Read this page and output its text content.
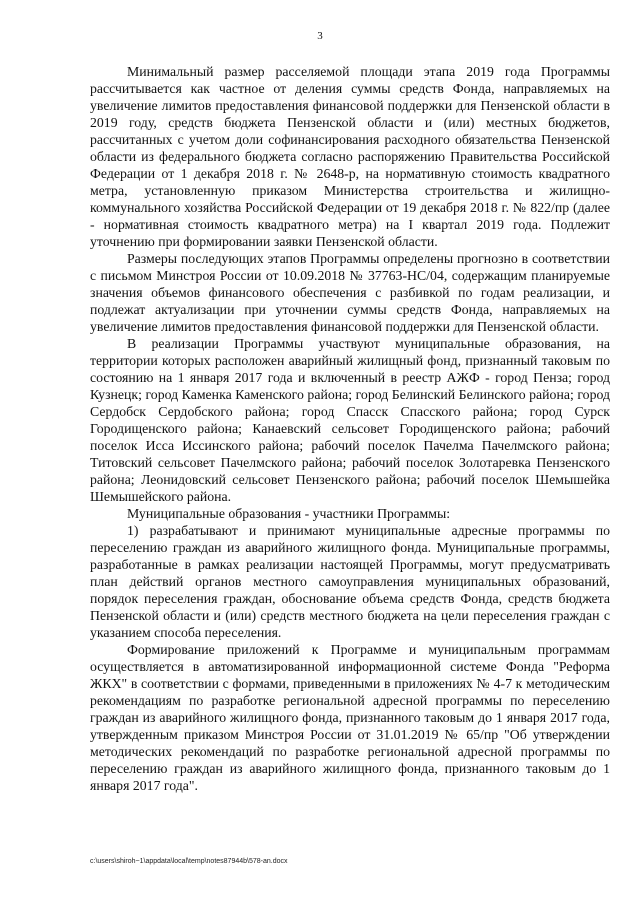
3

Минимальный размер расселяемой площади этапа 2019 года Программы рассчитывается как частное от деления суммы средств Фонда, направляемых на увеличение лимитов предоставления финансовой поддержки для Пензенской области в 2019 году, средств бюджета Пензенской области и (или) местных бюджетов, рассчитанных с учетом доли софинансирования расходного обязательства Пензенской области из федерального бюджета согласно распоряжению Правительства Российской Федерации от 1 декабря 2018 г. № 2648-р, на нормативную стоимость квадратного метра, установленную приказом Министерства строительства и жилищно-коммунального хозяйства Российской Федерации от 19 декабря 2018 г. № 822/пр (далее - нормативная стоимость квадратного метра) на I квартал 2019 года. Подлежит уточнению при формировании заявки Пензенской области.

Размеры последующих этапов Программы определены прогнозно в соответствии с письмом Минстроя России от 10.09.2018 № 37763-НС/04, содержащим планируемые значения объемов финансового обеспечения с разбивкой по годам реализации, и подлежат актуализации при уточнении суммы средств Фонда, направляемых на увеличение лимитов предоставления финансовой поддержки для Пензенской области.

В реализации Программы участвуют муниципальные образования, на территории которых расположен аварийный жилищный фонд, признанный таковым по состоянию на 1 января 2017 года и включенный в реестр АЖФ - город Пенза; город Кузнецк; город Каменка Каменского района; город Белинский Белинского района; город Сердобск Сердобского района; город Спасск Спасского района; город Сурск Городищенского района; Канаевский сельсовет Городищенского района; рабочий поселок Исса Иссинского района; рабочий поселок Пачелма Пачелмского района; Титовский сельсовет Пачелмского района; рабочий поселок Золотаревка Пензенского района; Леонидовский сельсовет Пензенского района; рабочий поселок Шемышейка Шемышейского района.

Муниципальные образования - участники Программы:

1) разрабатывают и принимают муниципальные адресные программы по переселению граждан из аварийного жилищного фонда. Муниципальные программы, разработанные в рамках реализации настоящей Программы, могут предусматривать план действий органов местного самоуправления муниципальных образований, порядок переселения граждан, обоснование объема средств Фонда, средств бюджета Пензенской области и (или) средств местного бюджета на цели переселения граждан с указанием способа переселения.

Формирование приложений к Программе и муниципальным программам осуществляется в автоматизированной информационной системе Фонда "Реформа ЖКХ" в соответствии с формами, приведенными в приложениях № 4-7 к методическим рекомендациям по разработке региональной адресной программы по переселению граждан из аварийного жилищного фонда, признанного таковым до 1 января 2017 года, утвержденным приказом Минстроя России от 31.01.2019 № 65/пр "Об утверждении методических рекомендаций по разработке региональной адресной программы по переселению граждан из аварийного жилищного фонда, признанного таковым до 1 января 2017 года".

c:\users\shiroh~1\appdata\local\temp\notes87944b\578-an.docx
